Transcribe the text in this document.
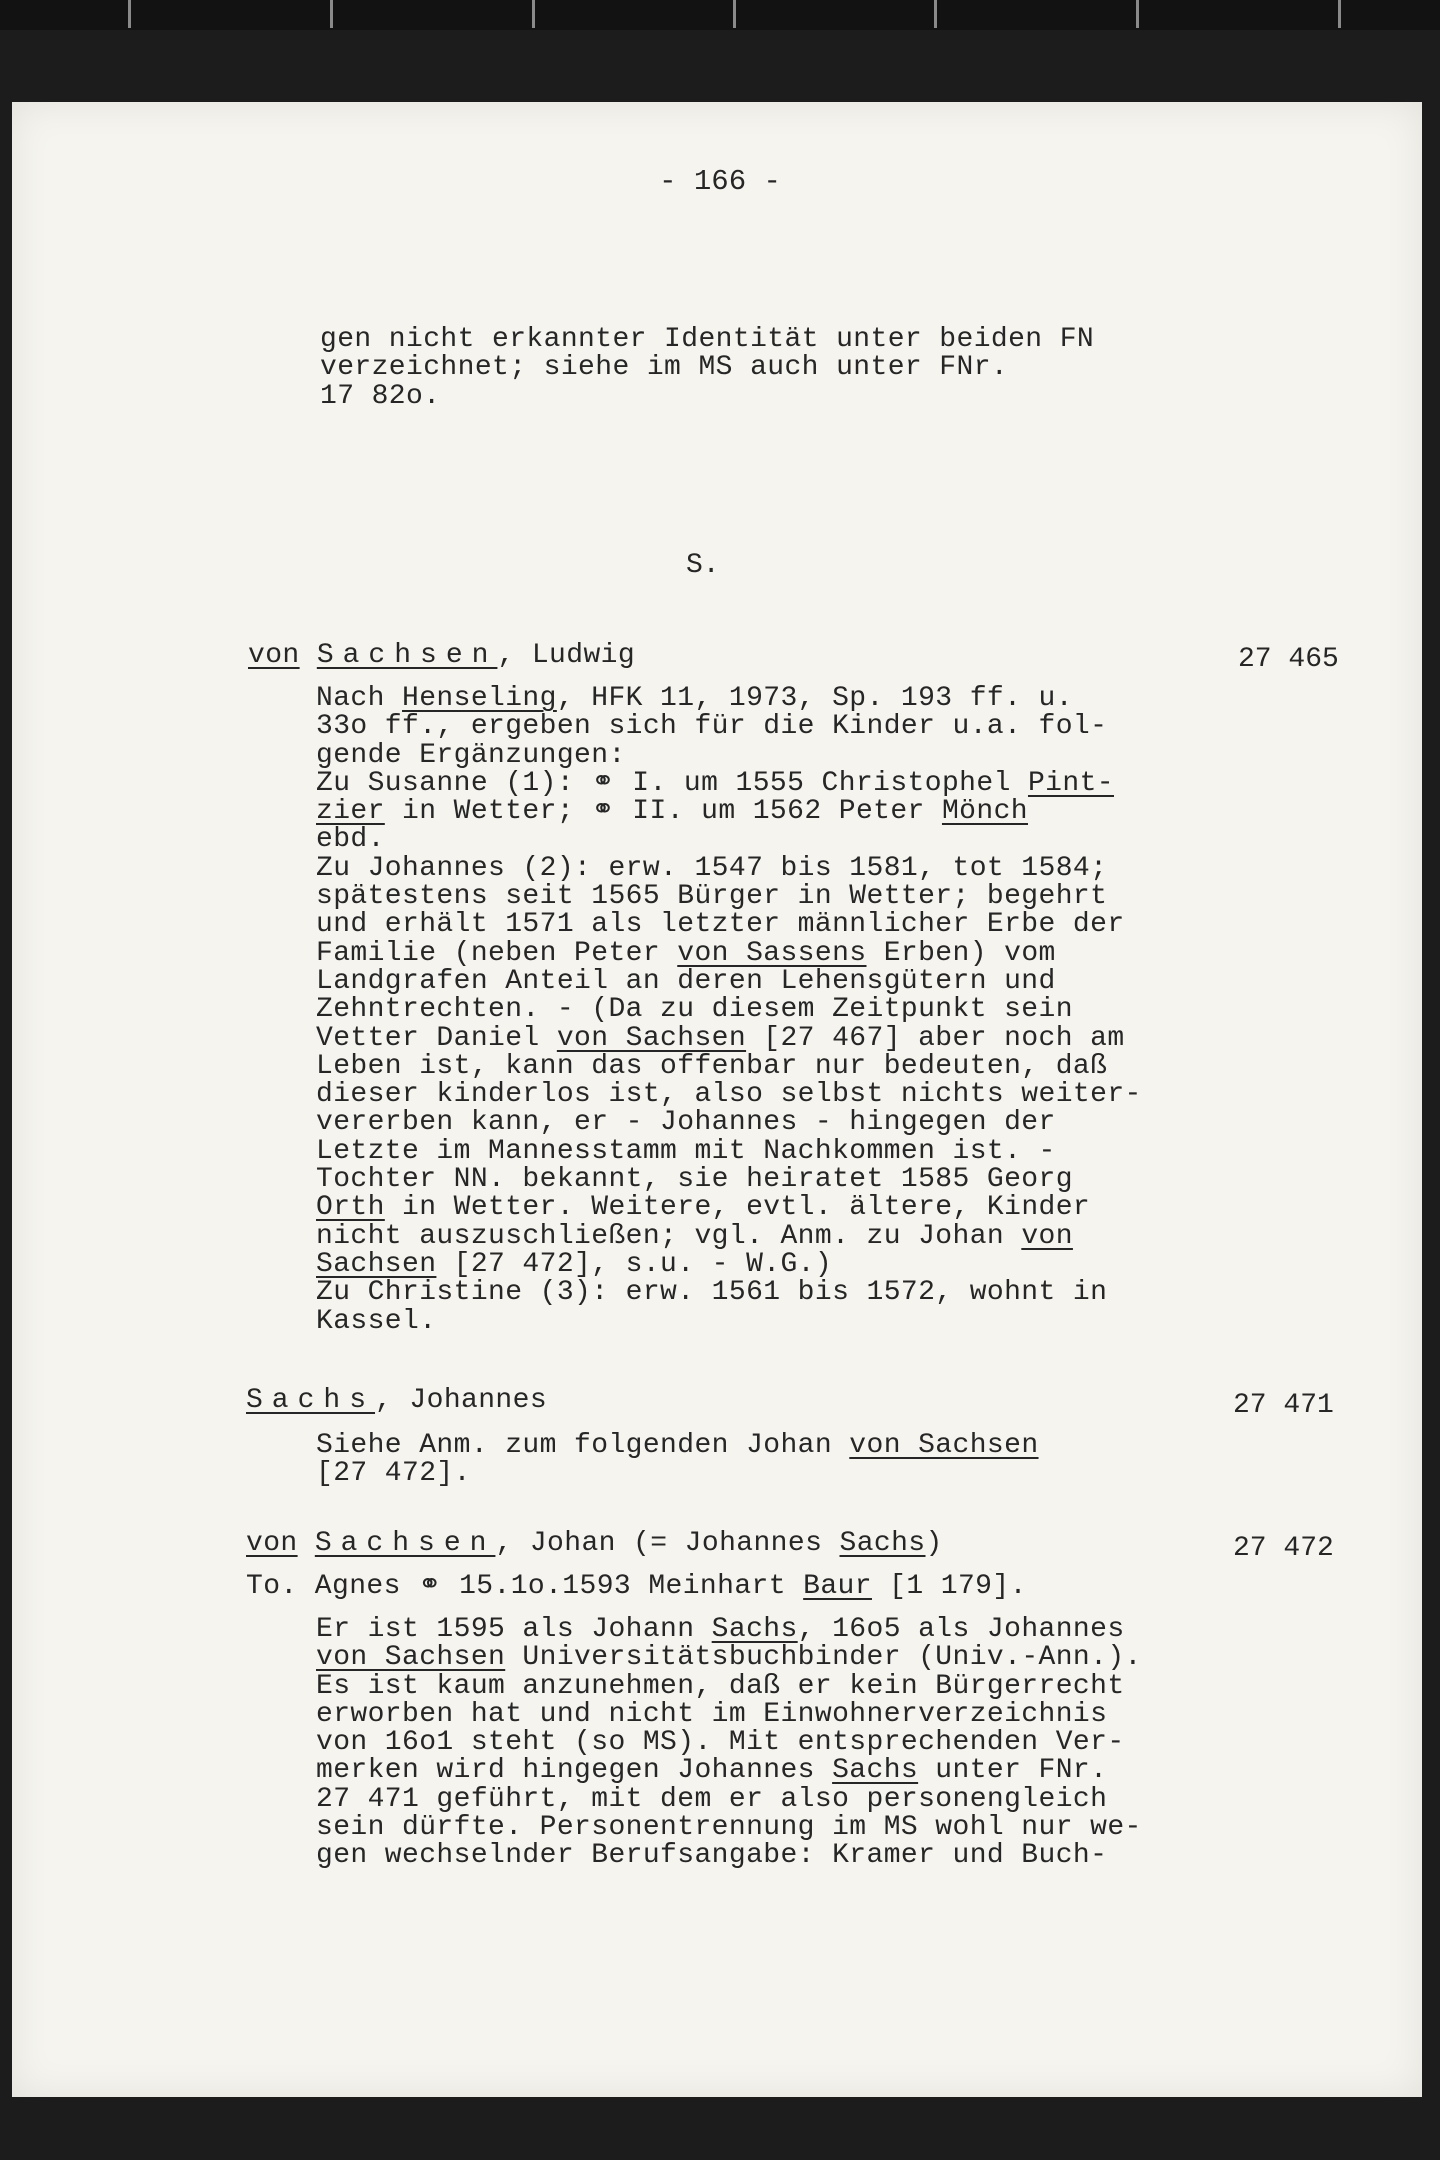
- 166 -
gen nicht erkannter Identität unter beiden FN
verzeichnet; siehe im MS auch unter FNr.
17 82o.
S.
von Sachsen, Ludwig	27 465
Nach Henseling, HFK 11, 1973, Sp. 193 ff. u.
33o ff., ergeben sich für die Kinder u.a. fol-
gende Ergänzungen:
Zu Susanne (1): ⚭ I. um 1555 Christophel Pint-
zier in Wetter; ⚭ II. um 1562 Peter Mönch
ebd.
Zu Johannes (2): erw. 1547 bis 1581, tot 1584;
spätestens seit 1565 Bürger in Wetter; begehrt
und erhält 1571 als letzter männlicher Erbe der
Familie (neben Peter von Sassens Erben) vom
Landgrafen Anteil an deren Lehensgütern und
Zehntrechten. - (Da zu diesem Zeitpunkt sein
Vetter Daniel von Sachsen [27 467] aber noch am
Leben ist, kann das offenbar nur bedeuten, daß
dieser kinderlos ist, also selbst nichts weiter-
vererben kann, er - Johannes - hingegen der
Letzte im Mannesstamm mit Nachkommen ist. -
Tochter NN. bekannt, sie heiratet 1585 Georg
Orth in Wetter. Weitere, evtl. ältere, Kinder
nicht auszuschließen; vgl. Anm. zu Johan von
Sachsen [27 472], s.u. - W.G.)
Zu Christine (3): erw. 1561 bis 1572, wohnt in
Kassel.
Sachs, Johannes	27 471
Siehe Anm. zum folgenden Johan von Sachsen
[27 472].
von Sachsen, Johan (= Johannes Sachs)	27 472
To. Agnes ⚭ 15.1o.1593 Meinhart Baur [1 179].
Er ist 1595 als Johann Sachs, 16o5 als Johannes
von Sachsen Universitätsbuchbinder (Univ.-Ann.).
Es ist kaum anzunehmen, daß er kein Bürgerrecht
erworben hat und nicht im Einwohnerverzeichnis
von 16o1 steht (so MS). Mit entsprechenden Ver-
merken wird hingegen Johannes Sachs unter FNr.
27 471 geführt, mit dem er also personengleich
sein dürfte. Personentrennung im MS wohl nur we-
gen wechselnder Berufsangabe: Kramer und Buch-
